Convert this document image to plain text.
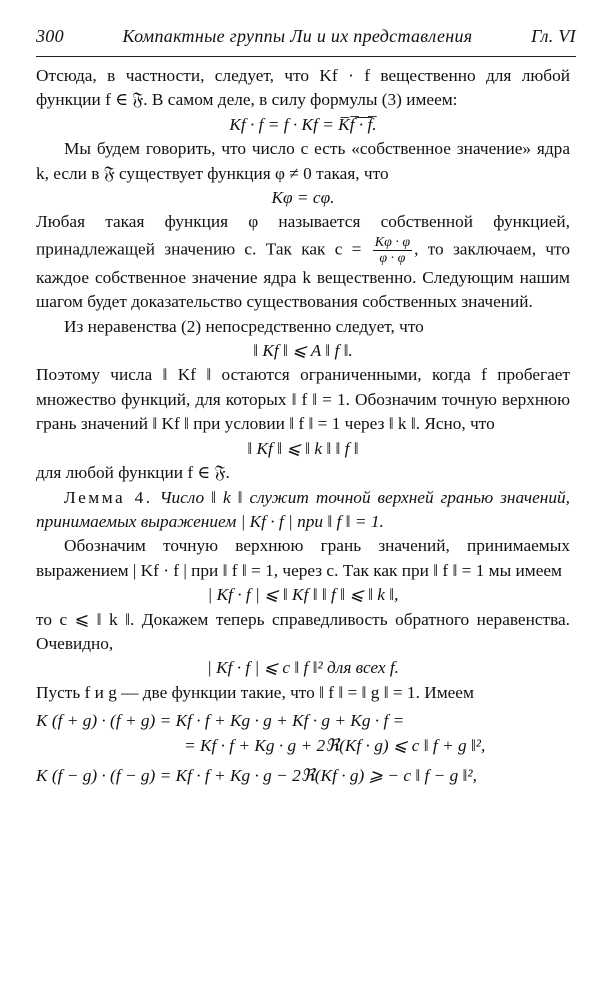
300	Компактные группы Ли и их представления	Гл. VI

Отсюда, в частности, следует, что Kf · f вещественно для любой функции f ∈ 𝔉. В самом деле, в силу формулы (3) имеем:

Kf · f = f · Kf = K̅f̅ ̅·̅ ̅f̅.

Мы будем говорить, что число c есть «собственное значение» ядра k, если в 𝔉 существует функция φ ≠ 0 такая, что

Kφ = cφ.

Любая такая функция φ называется собственной функцией, принадлежащей значению c. Так как $c = \frac{K\varphi \cdot \varphi}{\varphi \cdot \varphi}$ , то заключаем, что каждое собственное значение ядра k вещественно. Следующим нашим шагом будет доказательство существования собственных значений.

Из неравенства (2) непосредственно следует, что

‖ Kf ‖ ⩽ A ‖ f ‖.

Поэтому числа ‖ Kf ‖ остаются ограниченными, когда f пробегает множество функций, для которых ‖ f ‖ = 1. Обозначим точную верхнюю грань значений ‖ Kf ‖ при условии ‖ f ‖ = 1 через ‖ k ‖. Ясно, что

‖ Kf ‖ ⩽ ‖ k ‖ ‖ f ‖

для любой функции f ∈ 𝔉.

Лемма 4. Число ‖ k ‖ служит точной верхней гранью значений, принимаемых выражением | Kf · f | при ‖ f ‖ = 1.

Обозначим точную верхнюю грань значений, принимаемых выражением | Kf · f | при ‖ f ‖ = 1, через c. Так как при ‖ f ‖ = 1 мы имеем

| Kf · f | ⩽ ‖ Kf ‖ ‖ f ‖ ⩽ ‖ k ‖,

то c ⩽ ‖ k ‖. Докажем теперь справедливость обратного неравенства. Очевидно,

| Kf · f | ⩽ c ‖ f ‖² для всех f.

Пусть f и g — две функции такие, что ‖ f ‖ = ‖ g ‖ = 1. Имеем

K (f + g) · (f + g) = Kf · f + Kg · g + Kf · g + Kg · f =
= Kf · f + Kg · g + 2ℜ(Kf · g) ⩽ c ‖ f + g ‖²,
K (f − g) · (f − g) = Kf · f + Kg · g − 2ℜ(Kf · g) ⩾ − c ‖ f − g ‖²,
